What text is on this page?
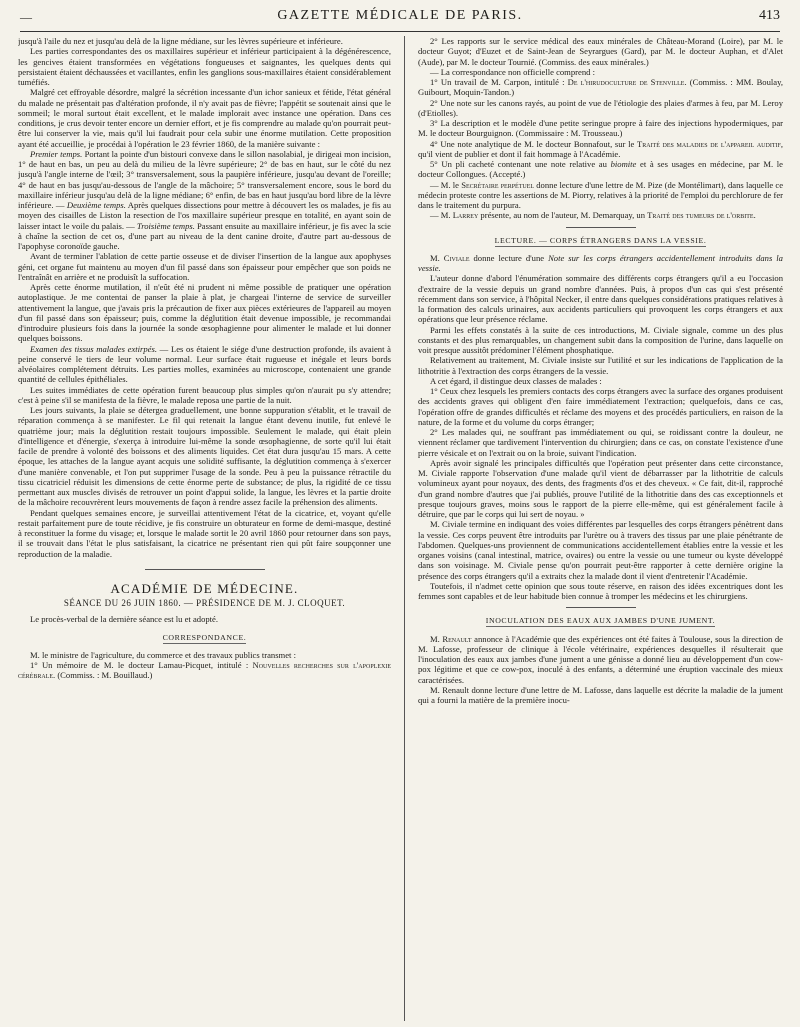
—	GAZETTE MÉDICALE DE PARIS.	413

jusqu'à l'aile du nez et jusqu'au delà de la ligne médiane, sur les lèvres supérieure et inférieure.

Les parties correspondantes des os maxillaires supérieur et inférieur participaient à la dégénérescence, les gencives étaient transformées en végétations fongueuses et saignantes, les quelques dents qui persistaient étaient déchaussées et vacillantes, enfin les ganglions sous-maxillaires étaient considérablement tuméfiés.

Malgré cet effroyable désordre, malgré la sécrétion incessante d'un ichor sanieux et fétide, l'état général du malade ne présentait pas d'altération profonde, il n'y avait pas de fièvre; l'appétit se soutenait ainsi que le sommeil; le moral surtout était excellent, et le malade implorait avec instance une opération. Dans ces conditions, je crus devoir tenter encore un dernier effort, et je fis comprendre au malade qu'on pourrait peut-être lui conserver la vie, mais qu'il lui faudrait pour cela subir une énorme mutilation. Cette proposition ayant été accueillie, je procédai à l'opération le 23 février 1860, de la manière suivante :

Premier temps. Portant la pointe d'un bistouri convexe dans le sillon nasolabial, je dirigeai mon incision, 1° de haut en bas, un peu au delà du milieu de la lèvre supérieure; 2° de bas en haut, sur le côté du nez jusqu'à l'angle interne de l'œil; 3° transversalement, sous la paupière inférieure, jusqu'au devant de l'oreille; 4° de haut en bas jusqu'au-dessous de l'angle de la mâchoire; 5° transversalement encore, sous le bord du maxillaire inférieur jusqu'au delà de la ligne médiane; 6° enfin, de bas en haut jusqu'au bord libre de la lèvre inférieure. — Deuxième temps. Après quelques dissections pour mettre à découvert les os malades, je fis au moyen des cisailles de Liston la resection de l'os maxillaire supérieur presque en totalité, en ayant soin de laisser intact le voile du palais. — Troisième temps. Passant ensuite au maxillaire inférieur, je fis avec la scie à chaîne la section de cet os, d'une part au niveau de la dent canine droite, d'autre part au-dessous de l'apophyse coronoïde gauche.

Avant de terminer l'ablation de cette partie osseuse et de diviser l'insertion de la langue aux apophyses géni, cet organe fut maintenu au moyen d'un fil passé dans son épaisseur pour empêcher que son poids ne l'entraînât en arrière et ne produisît la suffocation.

Après cette énorme mutilation, il n'eût été ni prudent ni même possible de pratiquer une opération autoplastique. Je me contentai de panser la plaie à plat, je chargeai l'interne de service de surveiller attentivement la langue, que j'avais pris la précaution de fixer aux pièces extérieures de l'appareil au moyen d'un fil passé dans son épaisseur; puis, comme la déglutition était devenue impossible, je recommandai d'introduire plusieurs fois dans la journée la sonde œsophagienne pour alimenter le malade et lui donner quelques boissons.

Examen des tissus malades extirpés. — Les os étaient le siége d'une destruction profonde, ils avaient à peine conservé le tiers de leur volume normal. Leur surface était rugueuse et inégale et leurs bords alvéolaires complétement détruits. Les parties molles, examinées au microscope, contenaient une grande quantité de cellules épithéliales.

Les suites immédiates de cette opération furent beaucoup plus simples qu'on n'aurait pu s'y attendre; c'est à peine s'il se manifesta de la fièvre, le malade reposa une partie de la nuit.

Les jours suivants, la plaie se détergea graduellement, une bonne suppuration s'établit, et le travail de réparation commença à se manifester. Le fil qui retenait la langue étant devenu inutile, fut enlevé le quatrième jour; mais la déglutition restait toujours impossible. Seulement le malade, qui était plein d'intelligence et d'énergie, s'exerça à introduire lui-même la sonde œsophagienne, de sorte qu'il lui était facile de prendre à volonté des boissons et des aliments liquides. Cet état dura jusqu'au 15 mars. A cette époque, les attaches de la langue ayant acquis une solidité suffisante, la déglutition commença à s'exercer d'une manière convenable, et l'on put supprimer l'usage de la sonde. Peu à peu la puissance rétractile du tissu cicatriciel réduisit les dimensions de cette énorme perte de substance; de plus, la rigidité de ce tissu permettant aux muscles divisés de retrouver un point d'appui solide, la langue, les lèvres et la partie droite de la mâchoire recouvrèrent leurs mouvements de façon à rendre assez facile la préhension des aliments.

Pendant quelques semaines encore, je surveillai attentivement l'état de la cicatrice, et, voyant qu'elle restait parfaitement pure de toute récidive, je fis construire un obturateur en forme de demi-masque, destiné à reconstituer la forme du visage; et, lorsque le malade sortit le 20 avril 1860 pour retourner dans son pays, il se trouvait dans l'état le plus satisfaisant, la cicatrice ne présentant rien qui pût faire soupçonner une reproduction de la maladie.

ACADÉMIE DE MÉDECINE.
SÉANCE DU 26 JUIN 1860. — PRÉSIDENCE DE M. J. CLOQUET.

Le procès-verbal de la dernière séance est lu et adopté.

CORRESPONDANCE.

M. le ministre de l'agriculture, du commerce et des travaux publics transmet :

1° Un mémoire de M. le docteur Lamau-Picquet, intitulé : Nouvelles recherches sur l'apoplexie cérébrale. (Commiss. : M. Bouillaud.)

2° Les rapports sur le service médical des eaux minérales de Château-Morand (Loire), par M. le docteur Guyot; d'Euzet et de Saint-Jean de Seyrargues (Gard), par M. le docteur Auphan, et d'Alet (Aude), par M. le docteur Tournié. (Commiss. des eaux minérales.)

— La correspondance non officielle comprend :

1° Un travail de M. Carpon, intitulé : De l'hirudoculture de Stenville. (Commiss. : MM. Boulay, Guibourt, Moquin-Tandon.)

2° Une note sur les canons rayés, au point de vue de l'étiologie des plaies d'armes à feu, par M. Leroy (d'Etiolles).

3° La description et le modèle d'une petite seringue propre à faire des injections hypodermiques, par M. le docteur Bourguignon. (Commissaire : M. Trousseau.)

4° Une note analytique de M. le docteur Bonnafout, sur le Traité des maladies de l'appareil auditif, qu'il vient de publier et dont il fait hommage à l'Académie.

5° Un pli cacheté contenant une note relative au biomite et à ses usages en médecine, par M. le docteur Collongues. (Accepté.)

— M. le Secrétaire perpétuel donne lecture d'une lettre de M. Pize (de Montélimart), dans laquelle ce médecin proteste contre les assertions de M. Piorry, relatives à la priorité de l'emploi du perchlorure de fer dans le traitement du purpura.

— M. Larrey présente, au nom de l'auteur, M. Demarquay, un Traité des tumeurs de l'orbite.

LECTURE. — CORPS ÉTRANGERS DANS LA VESSIE.

M. Civiale donne lecture d'une Note sur les corps étrangers accidentellement introduits dans la vessie.

L'auteur donne d'abord l'énumération sommaire des différents corps étrangers qu'il a eu l'occasion d'extraire de la vessie depuis un grand nombre d'années. Puis, à propos d'un cas qui s'est présenté récemment dans son service, à l'hôpital Necker, il entre dans quelques considérations pratiques relatives à la formation des calculs urinaires, aux accidents particuliers qui provoquent les corps étrangers et aux opérations que leur présence réclame.

Parmi les effets constatés à la suite de ces introductions, M. Civiale signale, comme un des plus constants et des plus remarquables, un changement subit dans la composition de l'urine, dans laquelle on voit presque aussitôt prédominer l'élément phosphatique.

Relativement au traitement, M. Civiale insiste sur l'utilité et sur les indications de l'application de la lithotritie à l'extraction des corps étrangers de la vessie.

A cet égard, il distingue deux classes de malades :

1° Ceux chez lesquels les premiers contacts des corps étrangers avec la surface des organes produisent des accidents graves qui obligent d'en faire immédiatement l'extraction; quelquefois, dans ce cas, l'opération offre de grandes difficultés et réclame des moyens et des procédés particuliers, en raison de la nature, de la forme et du volume du corps étranger;

2° Les malades qui, ne souffrant pas immédiatement ou qui, se roidissant contre la douleur, ne viennent réclamer que tardivement l'intervention du chirurgien; dans ce cas, on constate l'existence d'une pierre vésicale et on l'extrait ou on la broie, suivant l'indication.

Après avoir signalé les principales difficultés que l'opération peut présenter dans cette circonstance, M. Civiale rapporte l'observation d'une malade qu'il vient de débarrasser par la lithotritie de calculs volumineux ayant pour noyaux, des dents, des fragments d'os et des cheveux. « Ce fait, dit-il, rapproché d'un grand nombre d'autres que j'ai publiés, prouve l'utilité de la lithotritie dans des cas exceptionnels et presque toujours graves, moins sous le rapport de la pierre elle-même, qui est généralement facile à détruire, que par le corps qui lui sert de noyau. »

M. Civiale termine en indiquant des voies différentes par lesquelles des corps étrangers pénètrent dans la vessie. Ces corps peuvent être introduits par l'urètre ou à travers des tissus par une plaie pénétrante de l'abdomen. Quelques-uns proviennent de communications accidentellement établies entre la vessie et les organes voisins (canal intestinal, matrice, ovaires) ou entre la vessie ou une tumeur ou kyste développé dans son voisinage. M. Civiale pense qu'on pourrait peut-être rapporter à cette dernière origine la présence des corps étrangers qu'il a extraits chez la malade dont il vient d'entretenir l'Académie.

Toutefois, il n'admet cette opinion que sous toute réserve, en raison des idées excentriques dont les femmes sont capables et de leur habitude bien connue à tromper les médecins et les chirurgiens.

INOCULATION DES EAUX AUX JAMBES D'UNE JUMENT.

M. Renault annonce à l'Académie que des expériences ont été faites à Toulouse, sous la direction de M. Lafosse, professeur de clinique à l'école vétérinaire, expériences desquelles il résulterait que l'inoculation des eaux aux jambes d'une jument a une génisse a donné lieu au développement d'un cow-pox légitime et que ce cow-pox, inoculé à des enfants, a déterminé une éruption vaccinale des mieux caractérisées.

M. Renault donne lecture d'une lettre de M. Lafosse, dans laquelle est décrite la maladie de la jument qui a fourni la matière de la première inocu-
